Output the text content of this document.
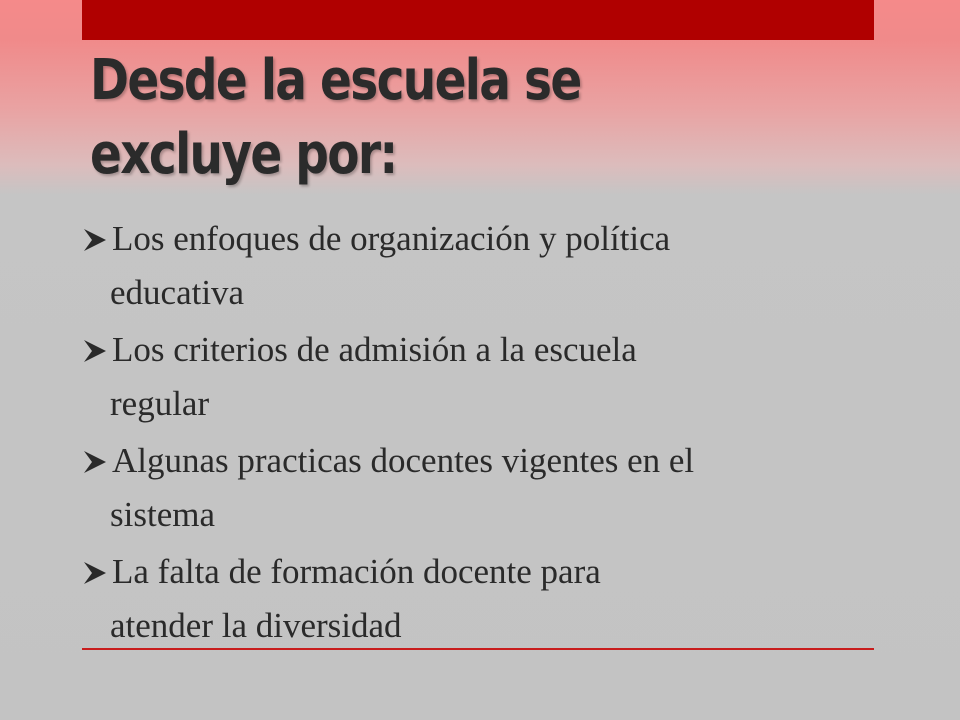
Desde la escuela se
excluye por:
Los enfoques de organización y política
educativa
Los criterios de admisión a la escuela
regular
Algunas practicas docentes vigentes en el
sistema
La falta de formación docente para
atender la diversidad
